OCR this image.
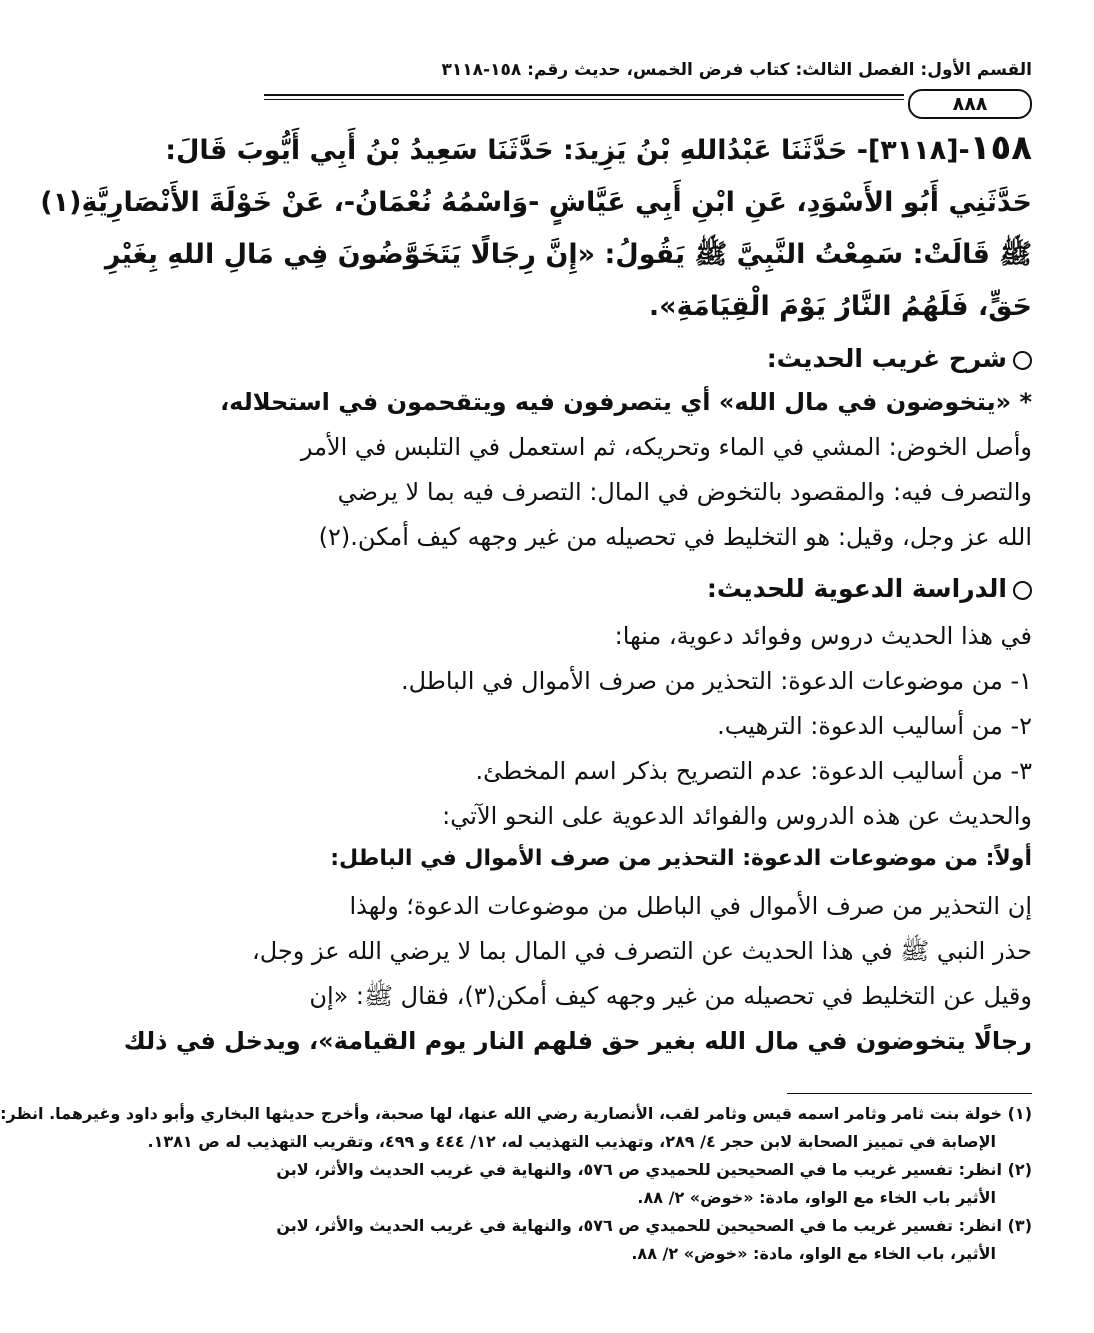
القسم الأول: الفصل الثالث: كتاب فرض الخمس، حديث رقم: ١٥٨-٣١١٨
٨٨٨
١٥٨-[٣١١٨]- حَدَّثَنَا عَبْدُاللهِ بْنُ يَزِيدَ: حَدَّثَنَا سَعِيدُ بْنُ أَبِي أَيُّوبَ قَالَ:
حَدَّثَنِي أَبُو الأَسْوَدِ، عَنِ ابْنِ أَبِي عَيَّاشٍ -وَاسْمُهُ نُعْمَانُ-، عَنْ خَوْلَةَ الأَنْصَارِيَّةِ(١)
ﷺ قَالَتْ: سَمِعْتُ النَّبِيَّ ﷺ يَقُولُ: «إِنَّ رِجَالًا يَتَخَوَّضُونَ فِي مَالِ اللهِ بِغَيْرِ
حَقٍّ، فَلَهُمُ النَّارُ يَوْمَ الْقِيَامَةِ».
شرح غريب الحديث:
* «يتخوضون في مال الله» أي يتصرفون فيه ويتقحمون في استحلاله،
وأصل الخوض: المشي في الماء وتحريكه، ثم استعمل في التلبس في الأمر
والتصرف فيه: والمقصود بالتخوض في المال: التصرف فيه بما لا يرضي
الله عز وجل، وقيل: هو التخليط في تحصيله من غير وجهه كيف أمكن.(٢)
الدراسة الدعوية للحديث:
في هذا الحديث دروس وفوائد دعوية، منها:
١- من موضوعات الدعوة: التحذير من صرف الأموال في الباطل.
٢- من أساليب الدعوة: الترهيب.
٣- من أساليب الدعوة: عدم التصريح بذكر اسم المخطئ.
والحديث عن هذه الدروس والفوائد الدعوية على النحو الآتي:
أولاً: من موضوعات الدعوة: التحذير من صرف الأموال في الباطل:
إن التحذير من صرف الأموال في الباطل من موضوعات الدعوة؛ ولهذا
حذر النبي ﷺ في هذا الحديث عن التصرف في المال بما لا يرضي الله عز وجل،
وقيل عن التخليط في تحصيله من غير وجهه كيف أمكن(٣)، فقال ﷺ: «إن
رجالًا يتخوضون في مال الله بغير حق فلهم النار يوم القيامة»، ويدخل في ذلك
(١) خولة بنت ثامر وثامر اسمه قيس وثامر لقب، الأنصارية رضي الله عنها، لها صحبة، وأخرج حديثها البخاري وأبو داود وغيرهما. انظر:
الإصابة في تمييز الصحابة لابن حجر ٤/ ٢٨٩، وتهذيب التهذيب له، ١٢/ ٤٤٤ و ٤٩٩، وتقريب التهذيب له ص ١٣٨١.
(٢) انظر: تفسير غريب ما في الصحيحين للحميدي ص ٥٧٦، والنهاية في غريب الحديث والأثر، لابن
الأثير باب الخاء مع الواو، مادة: «خوض» ٢/ ٨٨.
(٣) انظر: تفسير غريب ما في الصحيحين للحميدي ص ٥٧٦، والنهاية في غريب الحديث والأثر، لابن
الأثير، باب الخاء مع الواو، مادة: «خوض» ٢/ ٨٨.
